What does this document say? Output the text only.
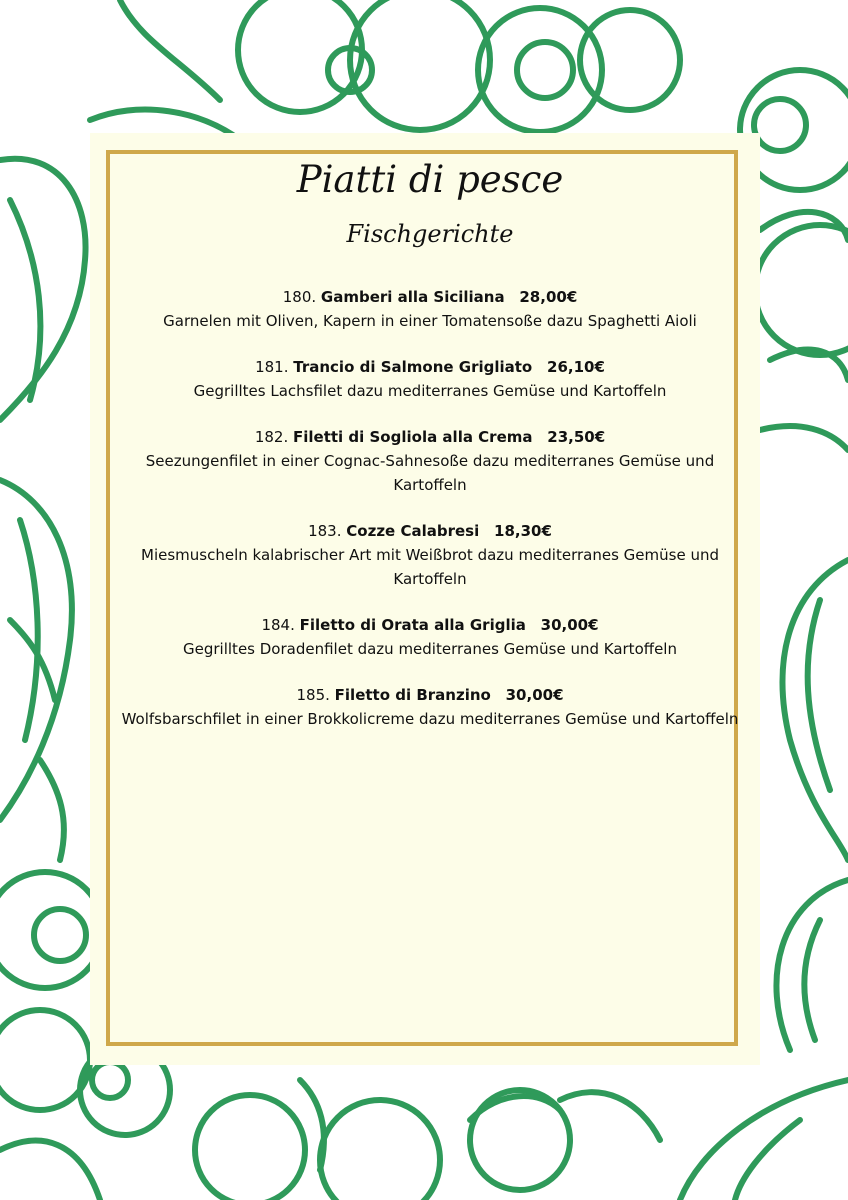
Piatti di pesce
Fischgerichte
180. Gamberi alla Siciliana 28,00€
Garnelen mit Oliven, Kapern in einer Tomatensoße dazu Spaghetti Aioli
181. Trancio di Salmone Grigliato 26,10€
Gegrilltes Lachsfilet dazu mediterranes Gemüse und Kartoffeln
182. Filetti di Sogliola alla Crema 23,50€
Seezungenfilet in einer Cognac-Sahnesoße dazu mediterranes Gemüse und Kartoffeln
183. Cozze Calabresi 18,30€
Miesmuscheln kalabrischer Art mit Weißbrot dazu mediterranes Gemüse und Kartoffeln
184. Filetto di Orata alla Griglia 30,00€
Gegrilltes Doradenfilet dazu mediterranes Gemüse und Kartoffeln
185. Filetto di Branzino 30,00€
Wolfsbarschfilet in einer Brokkolicreme dazu mediterranes Gemüse und Kartoffeln
